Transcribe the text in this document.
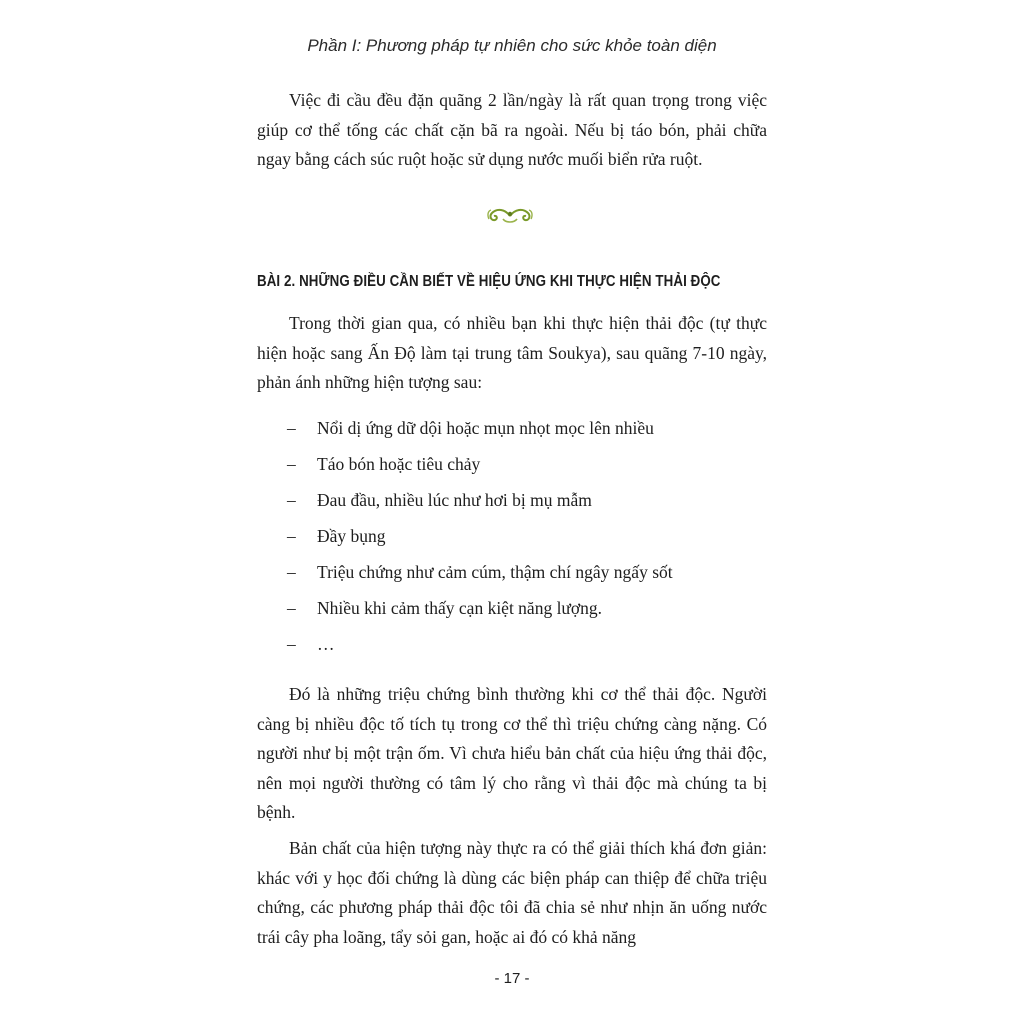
Phần I: Phương pháp tự nhiên cho sức khỏe toàn diện

Việc đi cầu đều đặn quãng 2 lần/ngày là rất quan trọng trong việc giúp cơ thể tống các chất cặn bã ra ngoài. Nếu bị táo bón, phải chữa ngay bằng cách súc ruột hoặc sử dụng nước muối biển rửa ruột.

BÀI 2. NHỮNG ĐIỀU CẦN BIẾT VỀ HIỆU ỨNG KHI THỰC HIỆN THẢI ĐỘC

Trong thời gian qua, có nhiều bạn khi thực hiện thải độc (tự thực hiện hoặc sang Ấn Độ làm tại trung tâm Soukya), sau quãng 7-10 ngày, phản ánh những hiện tượng sau:

– Nổi dị ứng dữ dội hoặc mụn nhọt mọc lên nhiều
– Táo bón hoặc tiêu chảy
– Đau đầu, nhiều lúc như hơi bị mụ mẫm
– Đầy bụng
– Triệu chứng như cảm cúm, thậm chí ngây ngấy sốt
– Nhiều khi cảm thấy cạn kiệt năng lượng.
– …

Đó là những triệu chứng bình thường khi cơ thể thải độc. Người càng bị nhiều độc tố tích tụ trong cơ thể thì triệu chứng càng nặng. Có người như bị một trận ốm. Vì chưa hiểu bản chất của hiệu ứng thải độc, nên mọi người thường có tâm lý cho rằng vì thải độc mà chúng ta bị bệnh.

Bản chất của hiện tượng này thực ra có thể giải thích khá đơn giản: khác với y học đối chứng là dùng các biện pháp can thiệp để chữa triệu chứng, các phương pháp thải độc tôi đã chia sẻ như nhịn ăn uống nước trái cây pha loãng, tẩy sỏi gan, hoặc ai đó có khả năng

- 17 -
